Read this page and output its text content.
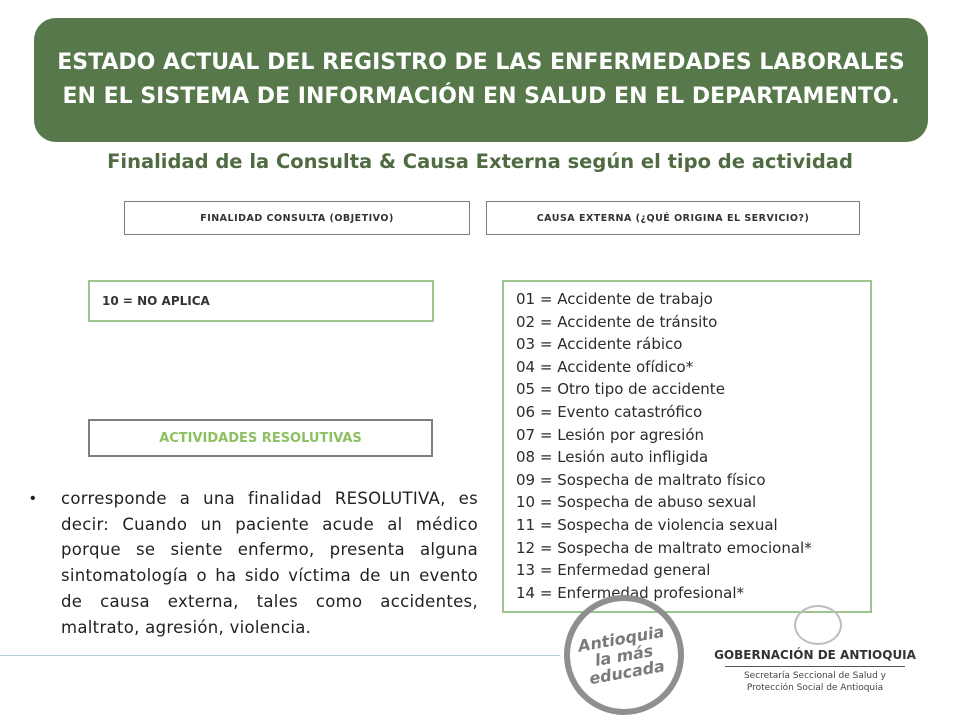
ESTADO ACTUAL DEL REGISTRO DE LAS ENFERMEDADES LABORALES EN EL SISTEMA DE INFORMACIÓN EN SALUD EN EL DEPARTAMENTO.

Finalidad de la Consulta & Causa Externa según el tipo de actividad

FINALIDAD CONSULTA (OBJETIVO)	CAUSA EXTERNA (¿QUÉ ORIGINA EL SERVICIO?)
10 = NO APLICA	01 = Accidente de trabajo

02 = Accidente de tránsito

03 = Accidente rábico

04 = Accidente ofídico*

05 = Otro tipo de accidente

06 = Evento catastrófico

07 = Lesión por agresión

08 = Lesión auto infligida

09 = Sospecha de maltrato físico

10 = Sospecha de abuso sexual

11 = Sospecha de violencia sexual

12 = Sospecha de maltrato emocional*

13 = Enfermedad general

14 = Enfermedad profesional*

ACTIVIDADES RESOLUTIVAS
• corresponde a una finalidad RESOLUTIVA, es decir: Cuando un paciente acude al médico porque se siente enfermo, presenta alguna sintomatología o ha sido víctima de un evento de causa externa, tales como accidentes, maltrato, agresión, violencia.	Antioquia la más educada

GOBERNACIÓN DE ANTIOQUIA

Secretaría Seccional de Salud y
Protección Social de Antioquia
